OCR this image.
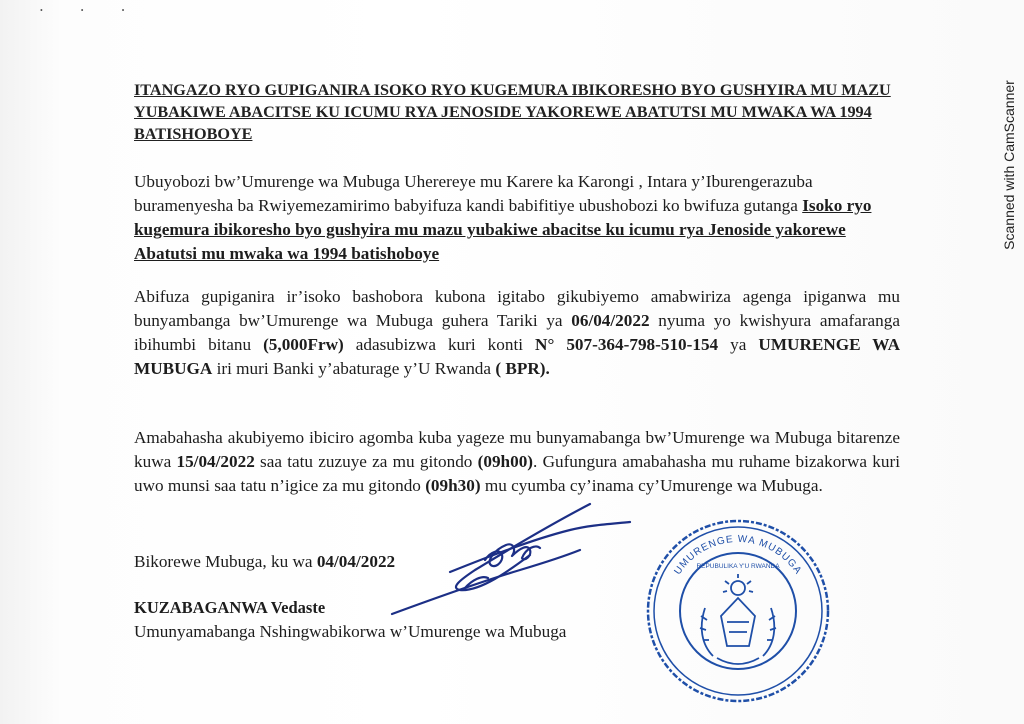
• • •
Scanned with CamScanner

ITANGAZO RYO GUPIGANIRA ISOKO RYO KUGEMURA IBIKORESHO BYO GUSHYIRA MU MAZU YUBAKIWE ABACITSE KU ICUMU RYA JENOSIDE YAKOREWE ABATUTSI MU MWAKA WA 1994 BATISHOBOYE

Ubuyobozi bw’Umurenge wa Mubuga Uherereye mu Karere ka Karongi , Intara y’Iburengerazuba buramenyesha ba Rwiyemezamirimo babyifuza kandi babifitiye ubushobozi ko bwifuza gutanga Isoko ryo kugemura ibikoresho byo gushyira mu mazu yubakiwe abacitse ku icumu rya Jenoside yakorewe Abatutsi mu mwaka wa 1994 batishoboye

Abifuza gupiganira ir’isoko bashobora kubona igitabo gikubiyemo amabwiriza agenga ipiganwa mu bunyambanga bw’Umurenge wa Mubuga guhera Tariki ya 06/04/2022 nyuma yo kwishyura amafaranga ibihumbi bitanu (5,000Frw) adasubizwa kuri konti N° 507-364-798-510-154 ya UMURENGE WA MUBUGA iri muri Banki y’abaturage y’U Rwanda ( BPR).

Amabahasha akubiyemo ibiciro agomba kuba yageze mu bunyamabanga bw’Umurenge wa Mubuga bitarenze kuwa 15/04/2022 saa tatu zuzuye za mu gitondo (09h00). Gufungura amabahasha mu ruhame bizakorwa kuri uwo munsi saa tatu n’igice za mu gitondo (09h30) mu cyumba cy’inama cy’Umurenge wa Mubuga.

Bikorewe Mubuga, ku wa 04/04/2022

KUZABAGANWA Vedaste

Umunyamabanga Nshingwabikorwa w’Umurenge wa Mubuga

UMURENGE WA MUBUGA
REPUBULIKA Y'U RWANDA
